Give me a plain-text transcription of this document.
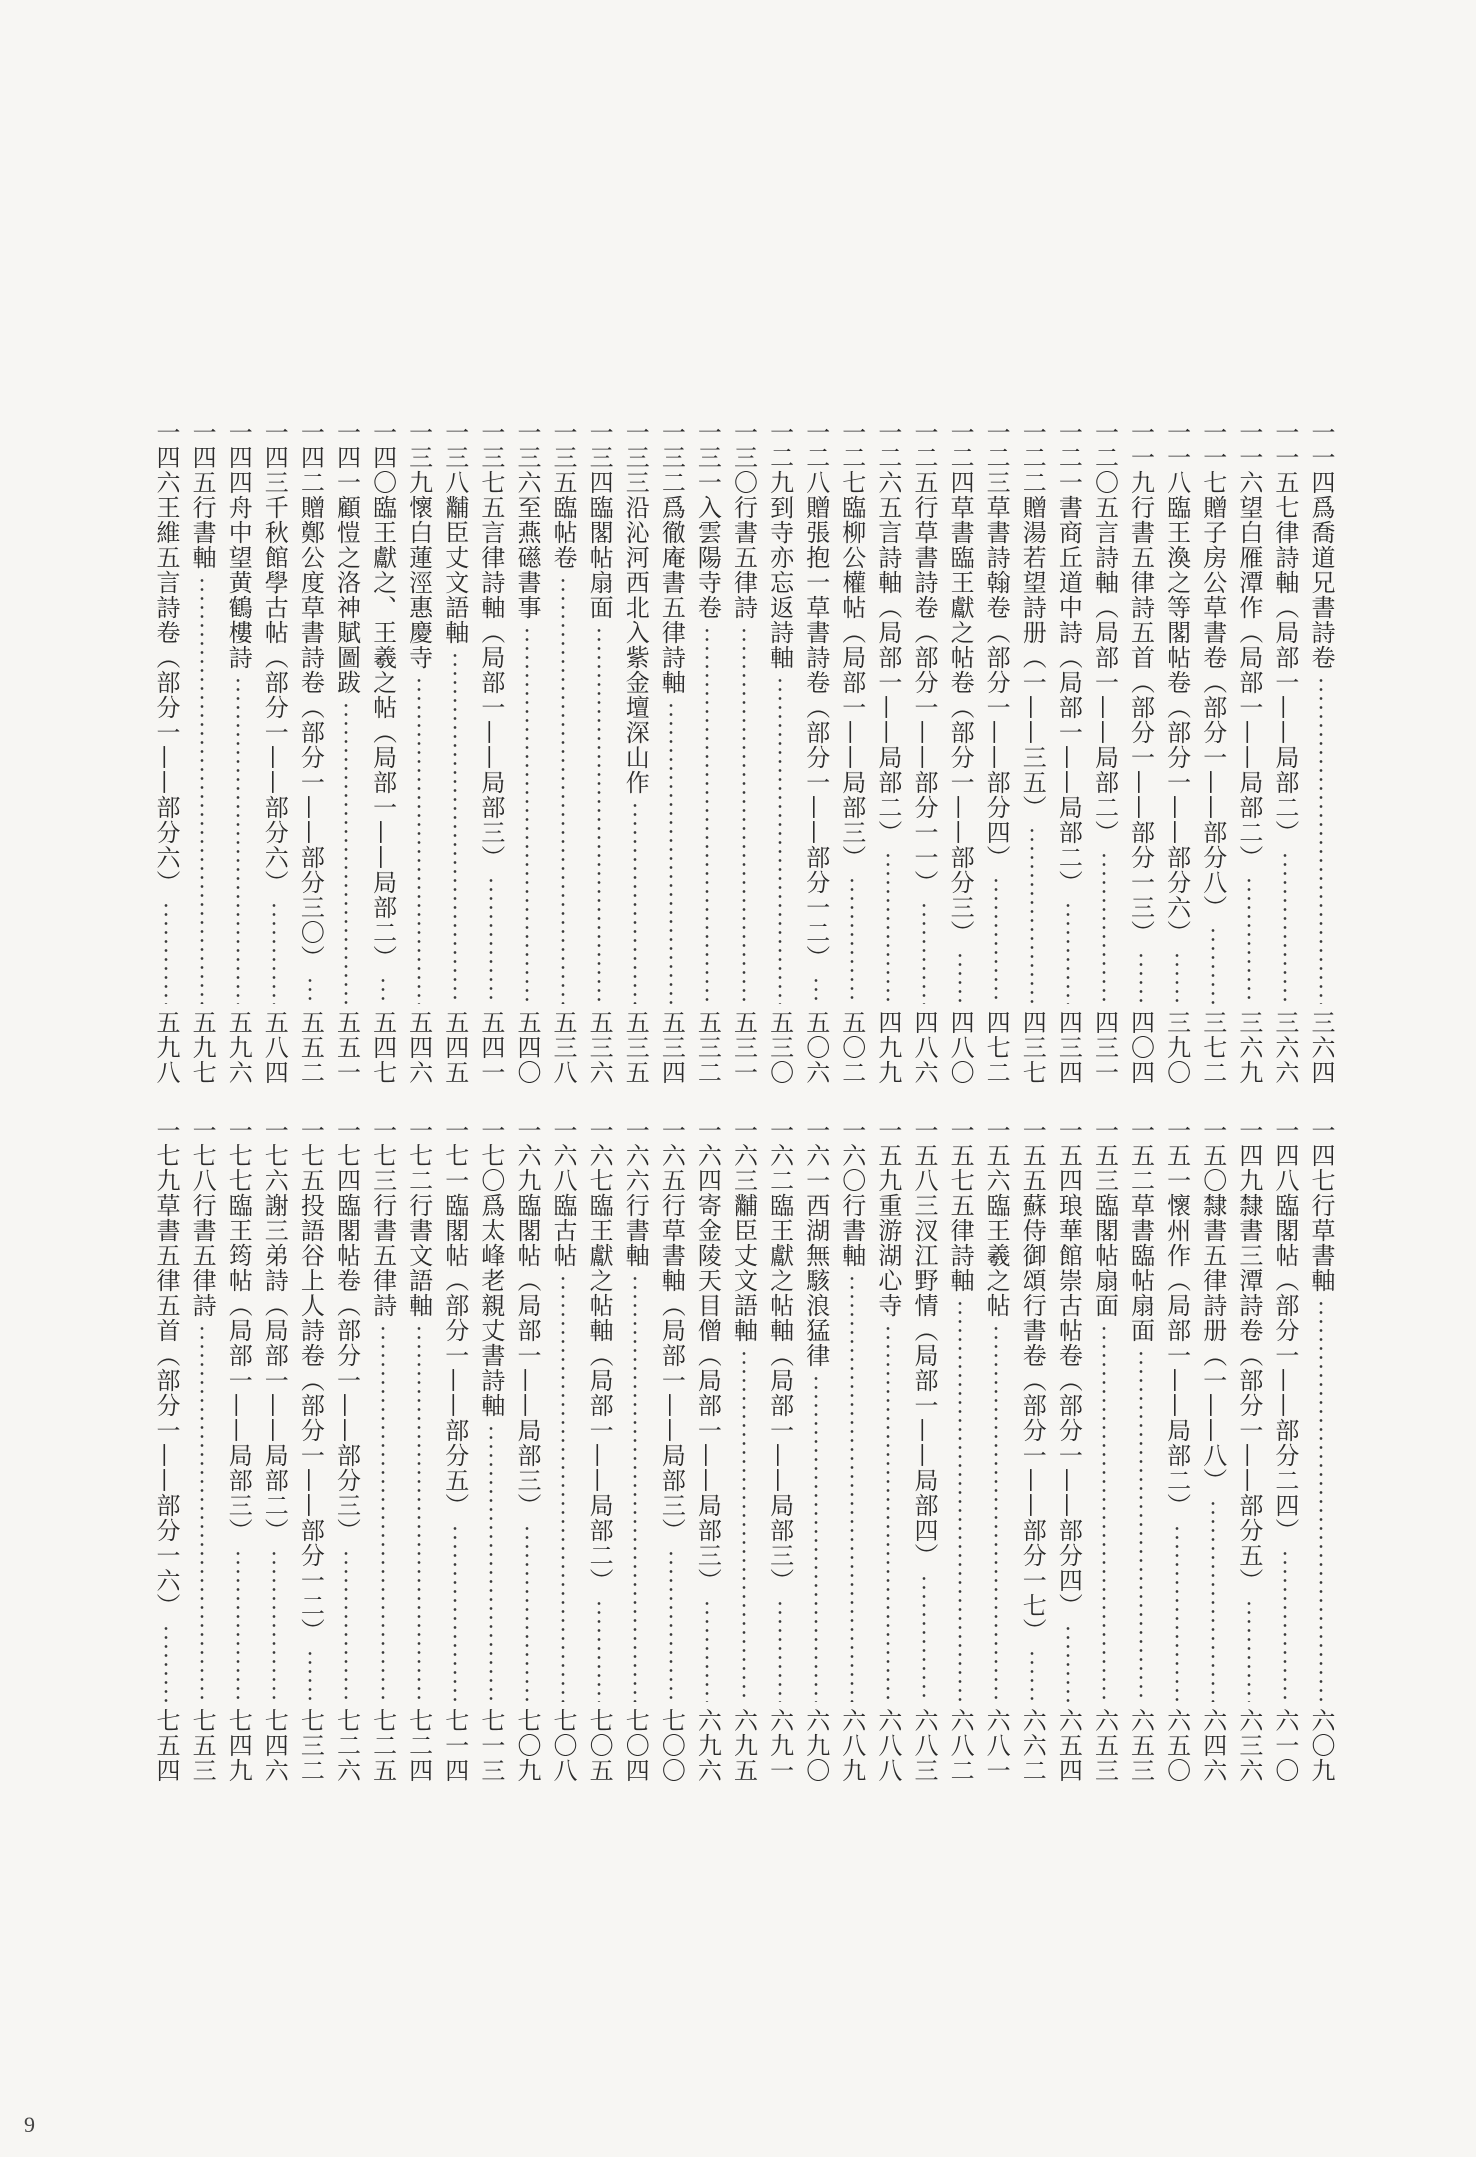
一一四
爲喬道兄書詩卷
三六四
一一五
七律詩軸（局部一——局部二）
三六六
一一六
望白雁潭作（局部一——局部二）
三六九
一一七
贈子房公草書卷（部分一——部分八）
三七二
一一八
臨王渙之等閣帖卷（部分一——部分六）
三九〇
一一九
行書五律詩五首（部分一——部分一三）
四〇四
一二〇
五言詩軸（局部一——局部二）
四三一
一二一
書商丘道中詩（局部一——局部二）
四三四
一二二
贈湯若望詩册（一——三五）
四三七
一二三
草書詩翰卷（部分一——部分四）
四七二
一二四
草書臨王獻之帖卷（部分一——部分三）
四八〇
一二五
行草書詩卷（部分一——部分一一）
四八六
一二六
五言詩軸（局部一——局部二）
四九九
一二七
臨柳公權帖（局部一——局部三）
五〇二
一二八
贈張抱一草書詩卷（部分一——部分一二）
五〇六
一二九
到寺亦忘返詩軸
五三〇
一三〇
行書五律詩
五三一
一三一
入雲陽寺卷
五三二
一三二
爲徹庵書五律詩軸
五三四
一三三
沿沁河西北入紫金壇深山作
五三五
一三四
臨閣帖扇面
五三六
一三五
臨帖卷
五三八
一三六
至燕礠書事
五四〇
一三七
五言律詩軸（局部一——局部三）
五四一
一三八
黼臣丈文語軸
五四五
一三九
懷白蓮涇惠慶寺
五四六
一四〇
臨王獻之、王羲之帖（局部一——局部二）
五四七
一四一
顧愷之洛神賦圖跋
五五一
一四二
贈鄭公度草書詩卷（部分一——部分三〇）
五五二
一四三
千秋館學古帖（部分一——部分六）
五八四
一四四
舟中望黄鶴樓詩
五九六
一四五
行書軸
五九七
一四六
王維五言詩卷（部分一——部分六）
五九八
一四七
行草書軸
六〇九
一四八
臨閣帖（部分一——部分二四）
六一〇
一四九
隸書三潭詩卷（部分一——部分五）
六三六
一五〇
隸書五律詩册（一——八）
六四六
一五一
懷州作（局部一——局部二）
六五〇
一五二
草書臨帖扇面
六五三
一五三
臨閣帖扇面
六五三
一五四
琅華館崇古帖卷（部分一——部分四）
六五四
一五五
蘇侍御頌行書卷（部分一——部分一七）
六六二
一五六
臨王羲之帖
六八一
一五七
五律詩軸
六八二
一五八
三汊江野情（局部一——局部四）
六八三
一五九
重游湖心寺
六八八
一六〇
行書軸
六八九
一六一
西湖無駭浪猛律
六九〇
一六二
臨王獻之帖軸（局部一——局部三）
六九一
一六三
黼臣丈文語軸
六九五
一六四
寄金陵天目僧（局部一——局部三）
六九六
一六五
行草書軸（局部一——局部三）
七〇〇
一六六
行書軸
七〇四
一六七
臨王獻之帖軸（局部一——局部二）
七〇五
一六八
臨古帖
七〇八
一六九
臨閣帖（局部一——局部三）
七〇九
一七〇
爲太峰老親丈書詩軸
七一三
一七一
臨閣帖（部分一——部分五）
七一四
一七二
行書文語軸
七二四
一七三
行書五律詩
七二五
一七四
臨閣帖卷（部分一——部分三）
七二六
一七五
投語谷上人詩卷（部分一——部分一二）
七三二
一七六
謝三弟詩（局部一——局部二）
七四六
一七七
臨王筠帖（局部一——局部三）
七四九
一七八
行書五律詩
七五三
一七九
草書五律五首（部分一——部分一六）
七五四
9
